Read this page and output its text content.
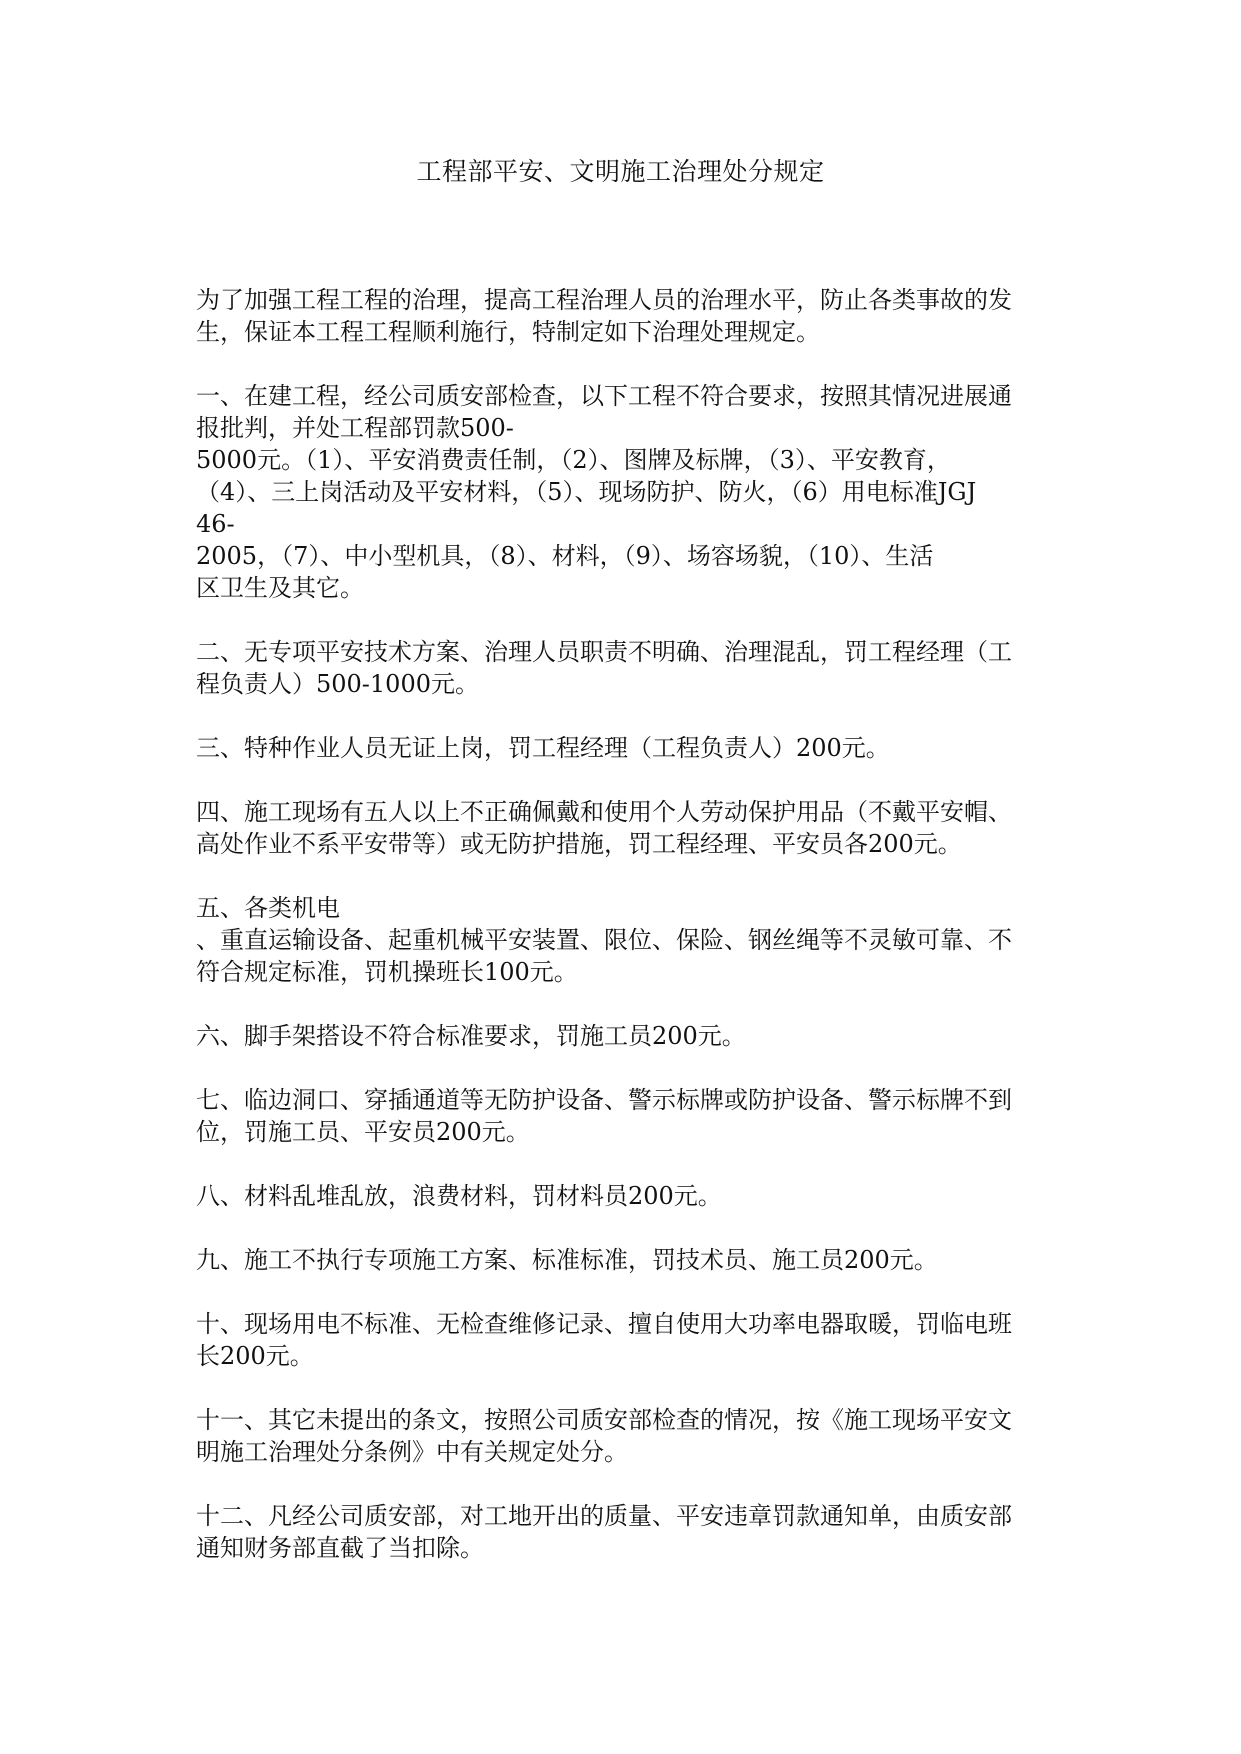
工程部平安、文明施工治理处分规定

为了加强工程工程的治理，提高工程治理人员的治理水平，防止各类事故的发
生，保证本工程工程顺利施行，特制定如下治理处理规定。

一、在建工程，经公司质安部检查，以下工程不符合要求，按照其情况进展通
报批判，并处工程部罚款500-
5000元。（1）、平安消费责任制，（2）、图牌及标牌，（3）、平安教育，
（4）、三上岗活动及平安材料，（5）、现场防护、防火，（6）用电标准JGJ
46-
2005，（7）、中小型机具，（8）、材料，（9）、场容场貌，（10）、生活
区卫生及其它。

二、无专项平安技术方案、治理人员职责不明确、治理混乱，罚工程经理（工
程负责人）500-1000元。

三、特种作业人员无证上岗，罚工程经理（工程负责人）200元。

四、施工现场有五人以上不正确佩戴和使用个人劳动保护用品（不戴平安帽、
高处作业不系平安带等）或无防护措施，罚工程经理、平安员各200元。

五、各类机电
、重直运输设备、起重机械平安装置、限位、保险、钢丝绳等不灵敏可靠、不
符合规定标准，罚机操班长100元。

六、脚手架搭设不符合标准要求，罚施工员200元。

七、临边洞口、穿插通道等无防护设备、警示标牌或防护设备、警示标牌不到
位，罚施工员、平安员200元。

八、材料乱堆乱放，浪费材料，罚材料员200元。

九、施工不执行专项施工方案、标准标准，罚技术员、施工员200元。

十、现场用电不标准、无检查维修记录、擅自使用大功率电器取暖，罚临电班
长200元。

十一、其它未提出的条文，按照公司质安部检查的情况，按《施工现场平安文
明施工治理处分条例》中有关规定处分。

十二、凡经公司质安部，对工地开出的质量、平安违章罚款通知单，由质安部
通知财务部直截了当扣除。
